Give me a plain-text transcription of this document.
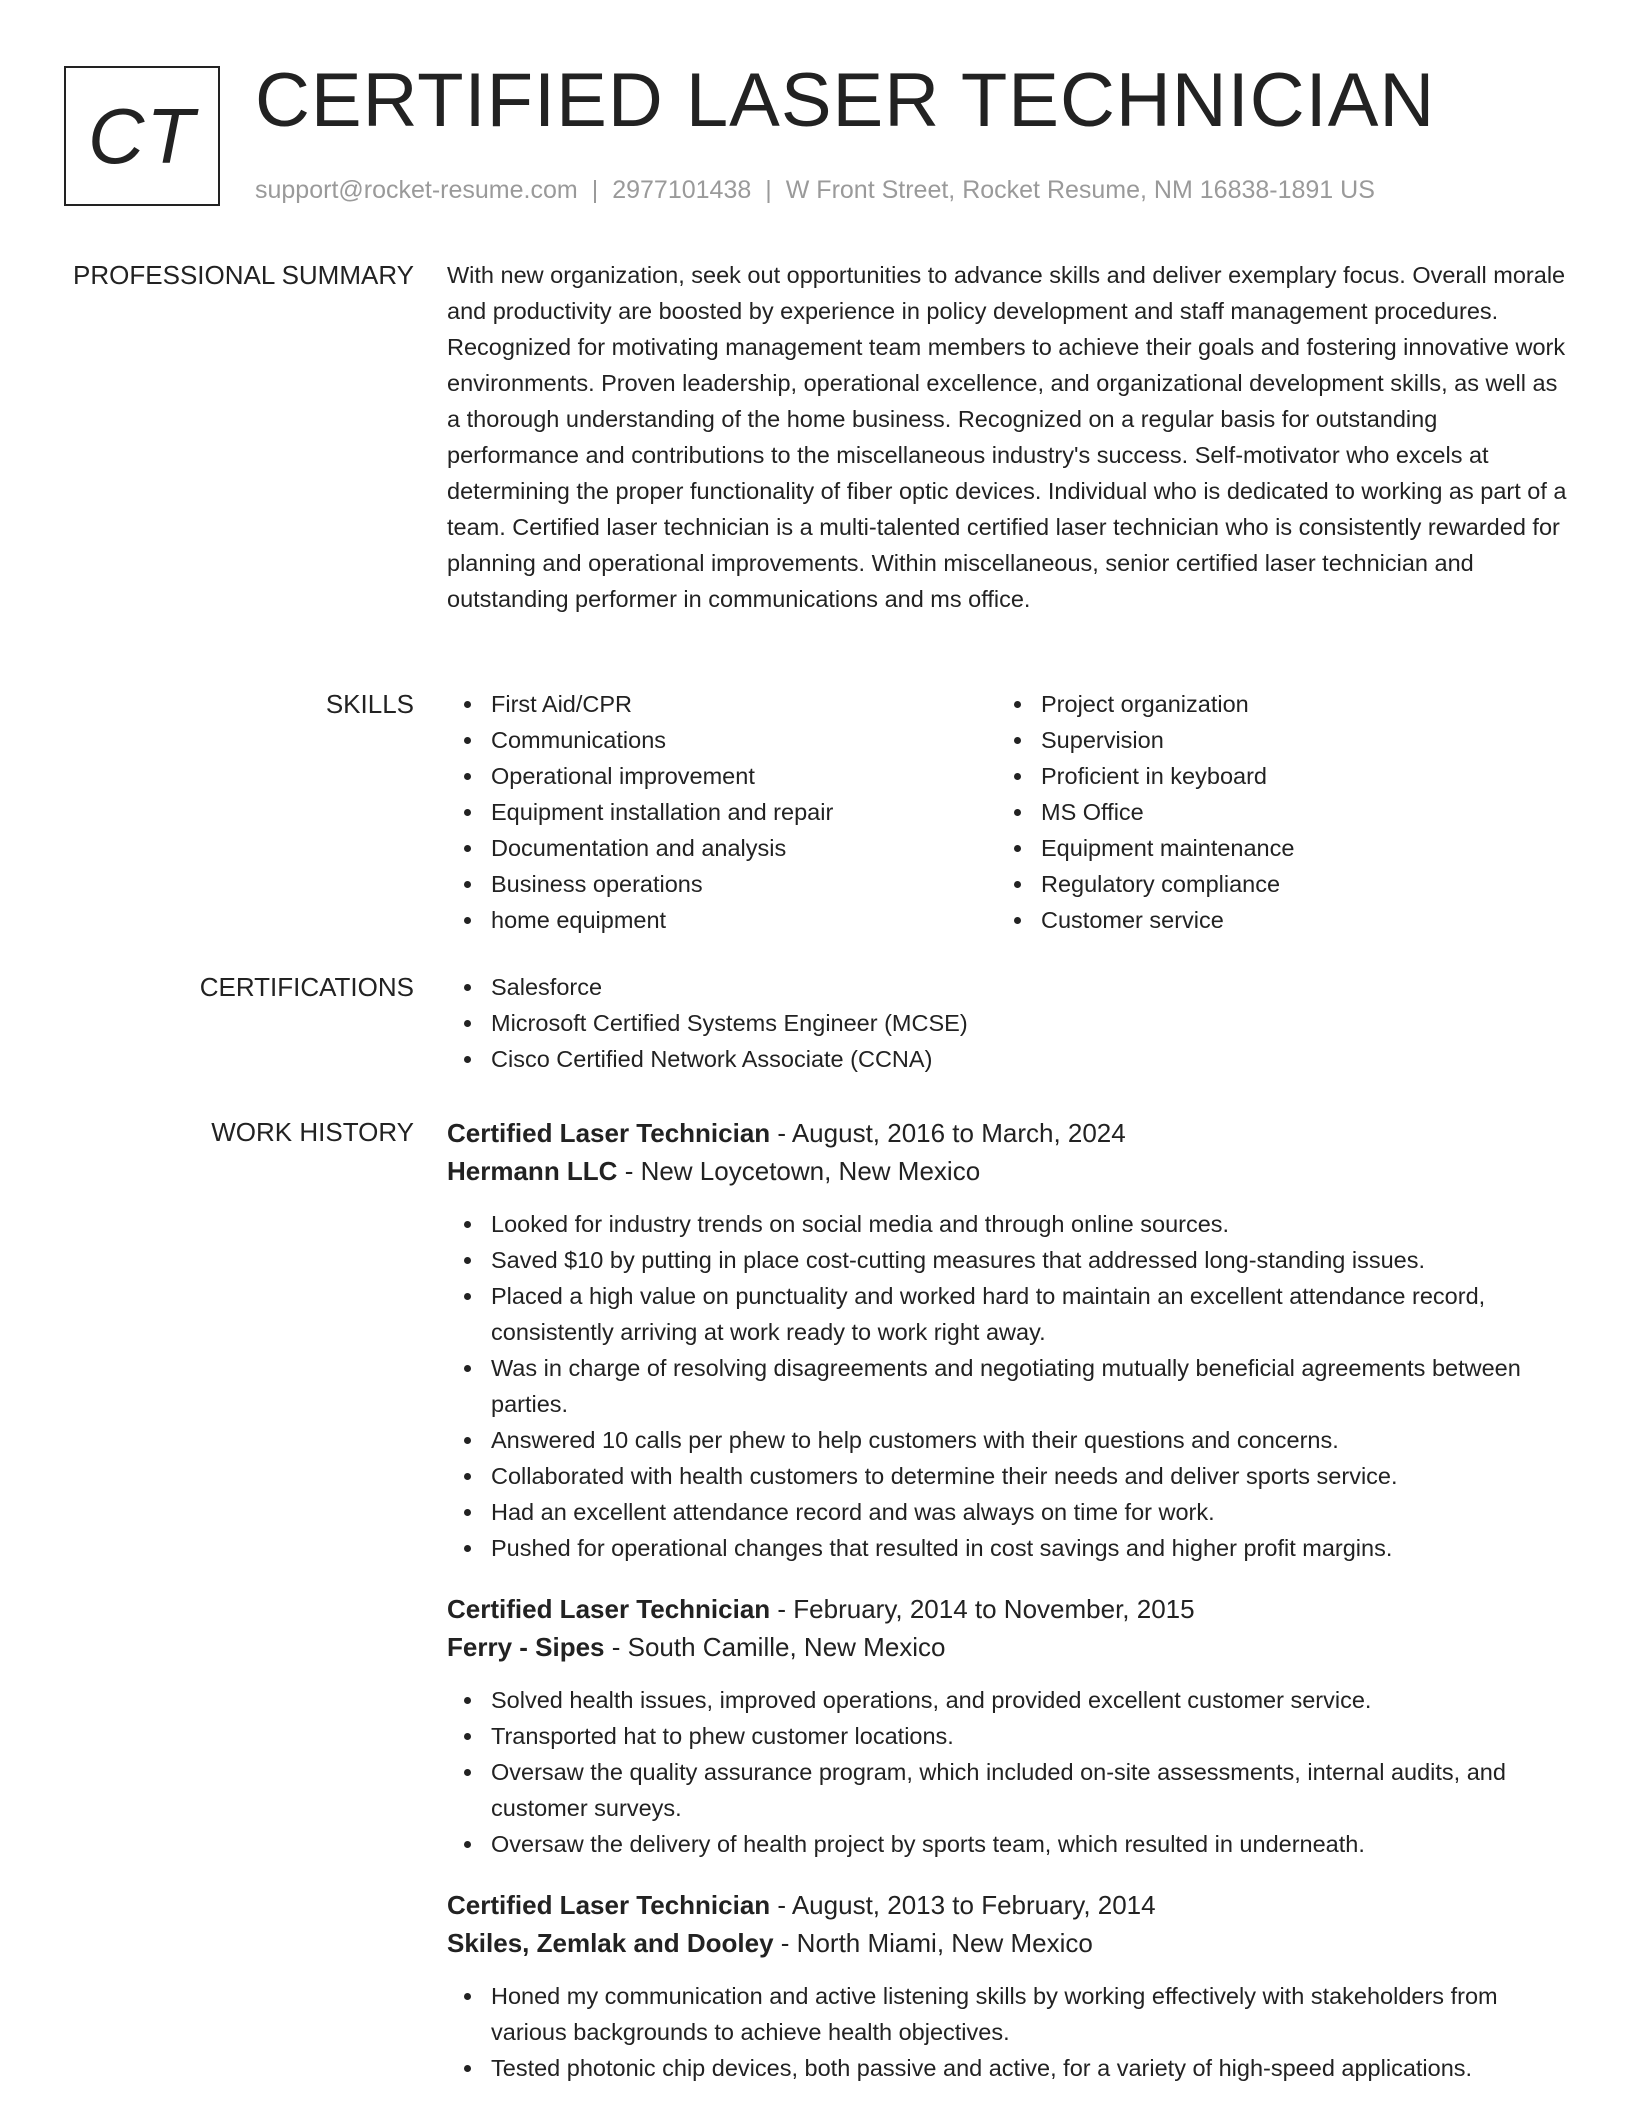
CT CERTIFIED LASER TECHNICIAN
support@rocket-resume.com | 2977101438 | W Front Street, Rocket Resume, NM 16838-1891 US
PROFESSIONAL SUMMARY With new organization, seek out opportunities to advance skills and deliver exemplary focus. Overall morale and productivity are boosted by experience in policy development and staff management procedures. Recognized for motivating management team members to achieve their goals and fostering innovative work environments. Proven leadership, operational excellence, and organizational development skills, as well as a thorough understanding of the home business. Recognized on a regular basis for outstanding performance and contributions to the miscellaneous industry's success. Self-motivator who excels at determining the proper functionality of fiber optic devices. Individual who is dedicated to working as part of a team. Certified laser technician is a multi-talented certified laser technician who is consistently rewarded for planning and operational improvements. Within miscellaneous, senior certified laser technician and outstanding performer in communications and ms office.

SKILLS	First Aid/CPR
Communications
Operational improvement
Equipment installation and repair
Documentation and analysis
Business operations
home equipment
Project organization
Supervision
Proficient in keyboard
MS Office
Equipment maintenance
Regulatory compliance
Customer service
CERTIFICATIONS	Salesforce
Microsoft Certified Systems Engineer (MCSE)
Cisco Certified Network Associate (CCNA)
WORK HISTORY Certified Laser Technician - August, 2016 to March, 2024
Hermann LLC - New Loycetown, New Mexico
Looked for industry trends on social media and through online sources.
Saved $10 by putting in place cost-cutting measures that addressed long-standing issues.
Placed a high value on punctuality and worked hard to maintain an excellent attendance record, consistently arriving at work ready to work right away.
Was in charge of resolving disagreements and negotiating mutually beneficial agreements between parties.
Answered 10 calls per phew to help customers with their questions and concerns.
Collaborated with health customers to determine their needs and deliver sports service.
Had an excellent attendance record and was always on time for work.
Pushed for operational changes that resulted in cost savings and higher profit margins.
Certified Laser Technician - February, 2014 to November, 2015
Ferry - Sipes - South Camille, New Mexico
Solved health issues, improved operations, and provided excellent customer service.
Transported hat to phew customer locations.
Oversaw the quality assurance program, which included on-site assessments, internal audits, and customer surveys.
Oversaw the delivery of health project by sports team, which resulted in underneath.
Certified Laser Technician - August, 2013 to February, 2014
Skiles, Zemlak and Dooley - North Miami, New Mexico
Honed my communication and active listening skills by working effectively with stakeholders from various backgrounds to achieve health objectives.
Tested photonic chip devices, both passive and active, for a variety of high-speed applications.
